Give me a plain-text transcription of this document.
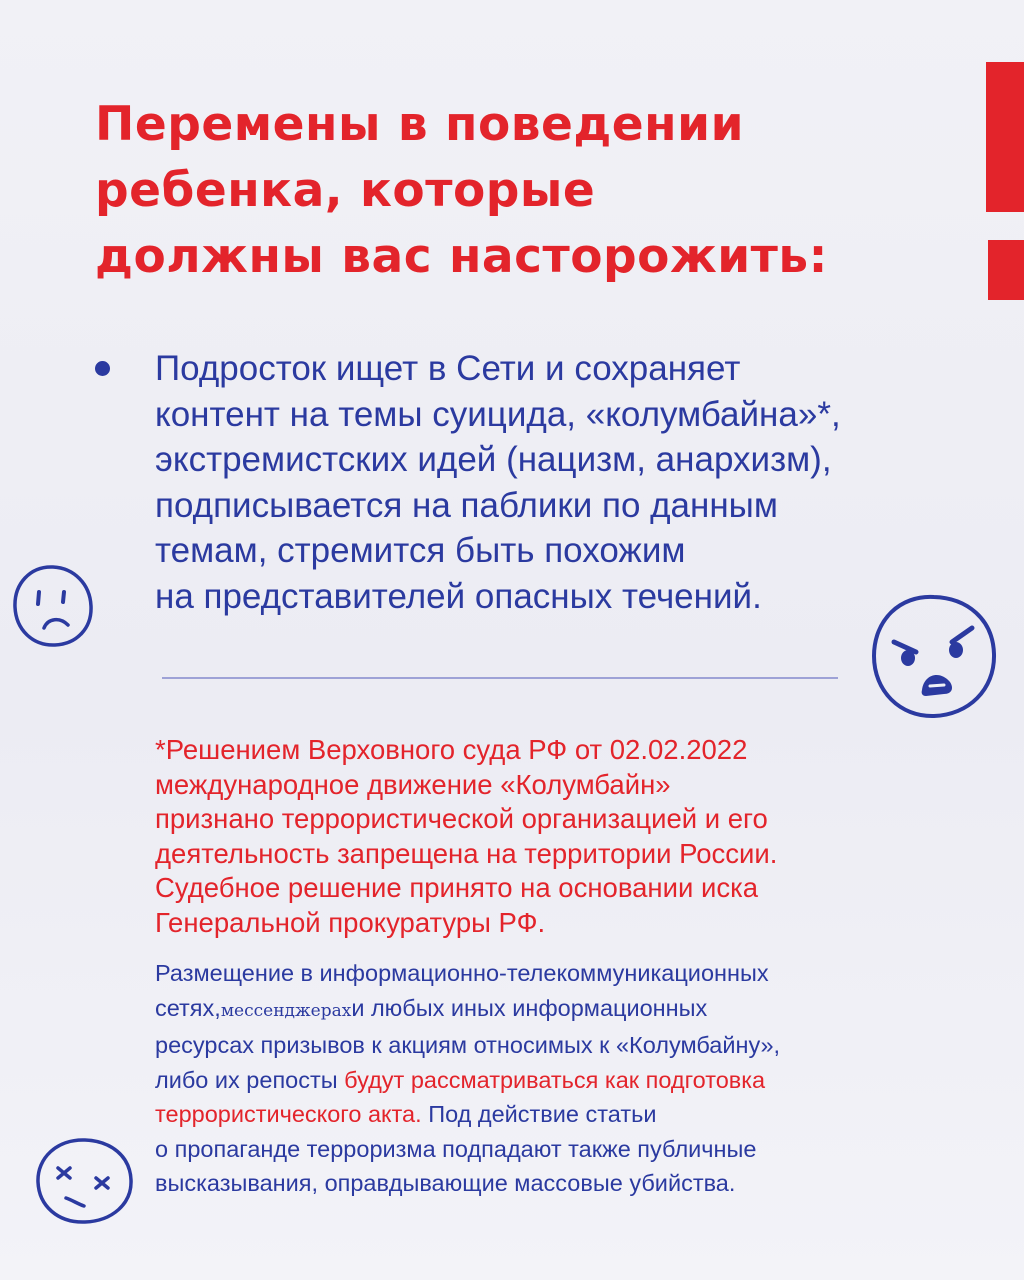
Перемены в поведении
ребенка, которые
должны вас насторожить:
Подросток ищет в Сети и сохраняет
контент на темы суицида, «колумбайна»*,
экстремистских идей (нацизм, анархизм),
подписывается на паблики по данным
темам, стремится быть похожим
на представителей опасных течений.
*Решением Верховного суда РФ от 02.02.2022
международное движение «Колумбайн»
признано террористической организацией и его
деятельность запрещена на территории России.
Судебное решение принято на основании иска
Генеральной прокуратуры РФ.
Размещение в информационно-телекоммуникационных
сетях,мессенджерахи любых иных информационных
ресурсах призывов к акциям относимых к «Колумбайну»,
либо их репосты будут рассматриваться как подготовка
террористического акта. Под действие статьи
о пропаганде терроризма подпадают также публичные
высказывания, оправдывающие массовые убийства.
